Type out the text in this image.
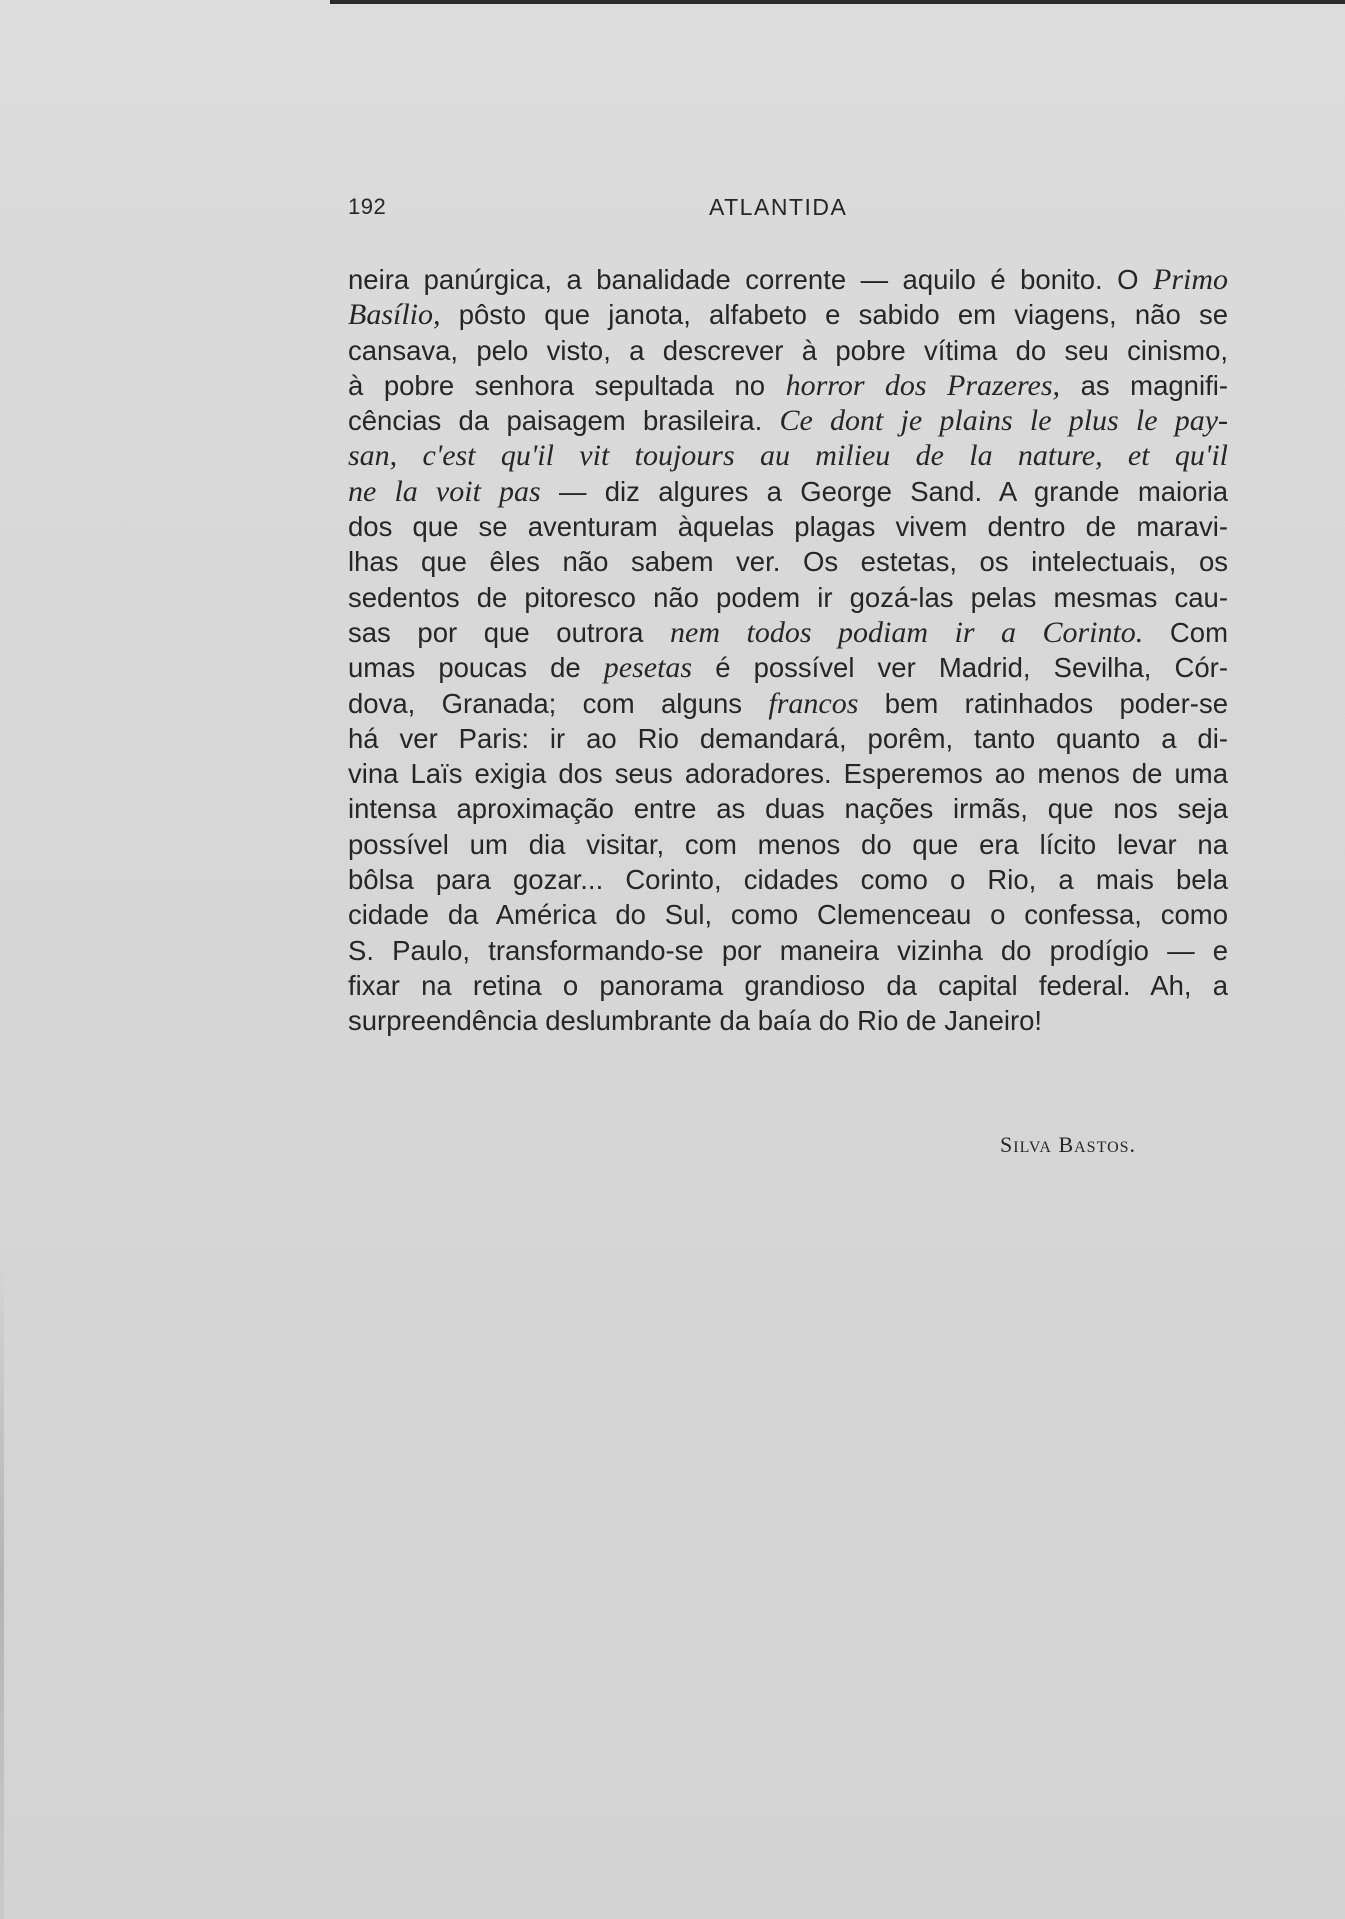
192	ATLANTIDA
neira panúrgica, a banalidade corrente — aquilo é bonito. O Primo
Basílio, pôsto que janota, alfabeto e sabido em viagens, não se
cansava, pelo visto, a descrever à pobre vítima do seu cinismo,
à pobre senhora sepultada no horror dos Prazeres, as magnifi-
cências da paisagem brasileira. Ce dont je plains le plus le pay-
san, c'est qu'il vit toujours au milieu de la nature, et qu'il
ne la voit pas — diz algures a George Sand. A grande maioria
dos que se aventuram àquelas plagas vivem dentro de maravi-
lhas que êles não sabem ver. Os estetas, os intelectuais, os
sedentos de pitoresco não podem ir gozá-las pelas mesmas cau-
sas por que outrora nem todos podiam ir a Corinto. Com
umas poucas de pesetas é possível ver Madrid, Sevilha, Cór-
dova, Granada; com alguns francos bem ratinhados poder-se
há ver Paris: ir ao Rio demandará, porêm, tanto quanto a di-
vina Laïs exigia dos seus adoradores. Esperemos ao menos de uma
intensa aproximação entre as duas nações irmãs, que nos seja
possível um dia visitar, com menos do que era lícito levar na
bôlsa para gozar... Corinto, cidades como o Rio, a mais bela
cidade da América do Sul, como Clemenceau o confessa, como
S. Paulo, transformando-se por maneira vizinha do prodígio — e
fixar na retina o panorama grandioso da capital federal. Ah, a
surpreendência deslumbrante da baía do Rio de Janeiro!
SILVA BASTOS.
